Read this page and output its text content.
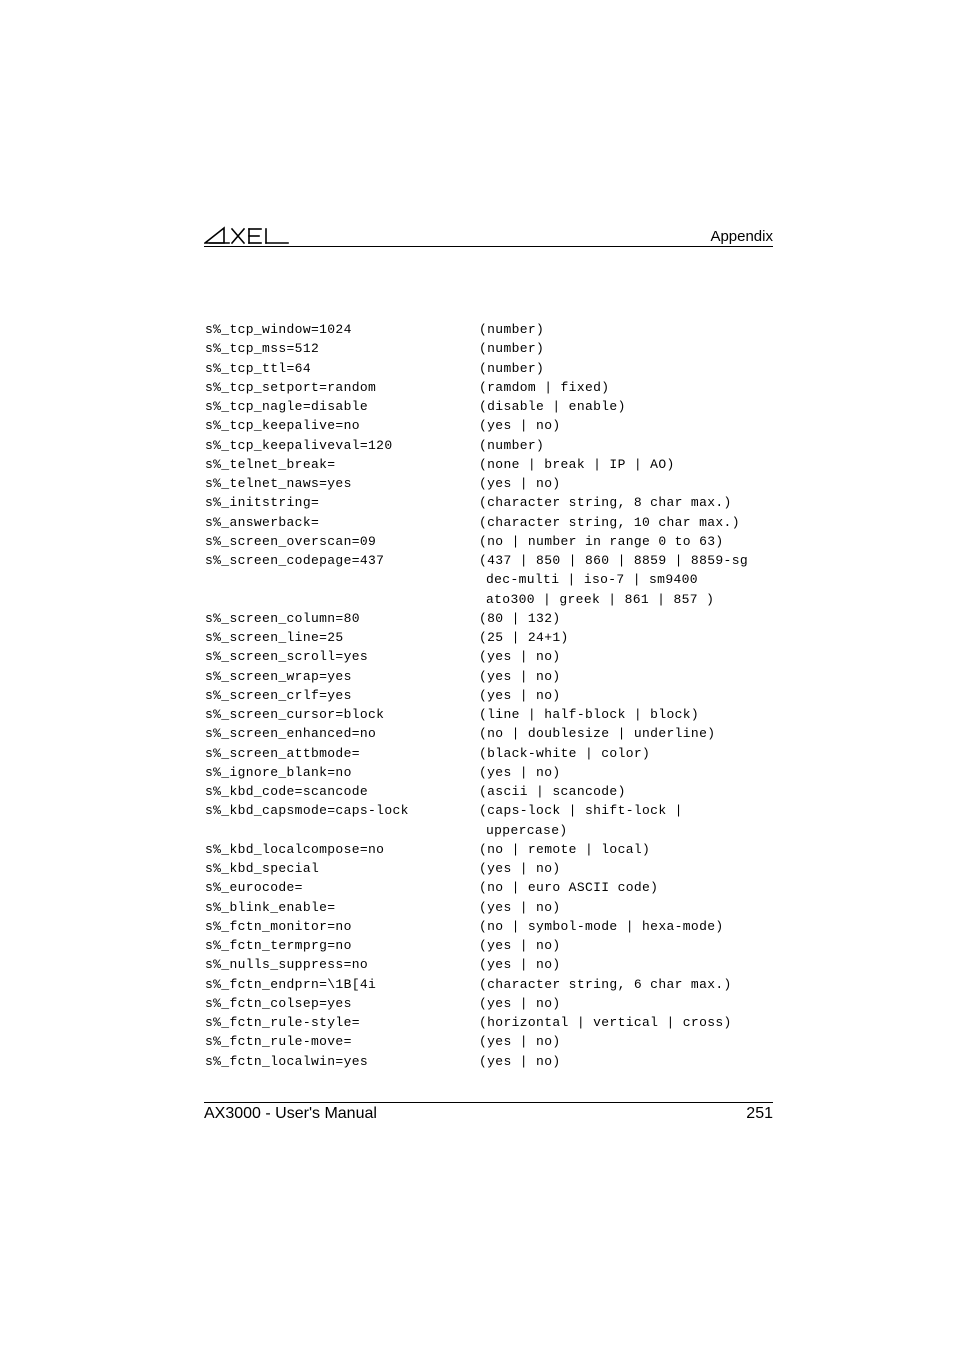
Appendix
s%_tcp_window=1024	(number)
s%_tcp_mss=512	(number)
s%_tcp_ttl=64	(number)
s%_tcp_setport=random	(ramdom | fixed)
s%_tcp_nagle=disable	(disable | enable)
s%_tcp_keepalive=no	(yes | no)
s%_tcp_keepaliveval=120	(number)
s%_telnet_break=	(none | break | IP | AO)
s%_telnet_naws=yes	(yes | no)
s%_initstring=	(character string, 8 char max.)
s%_answerback=	(character string, 10 char max.)
s%_screen_overscan=09	(no | number in range 0 to 63)
s%_screen_codepage=437	(437 | 850 | 860 | 8859 | 8859-sg
dec-multi | iso-7 | sm9400
ato300 | greek | 861 | 857 )
s%_screen_column=80	(80 | 132)
s%_screen_line=25	(25 | 24+1)
s%_screen_scroll=yes	(yes | no)
s%_screen_wrap=yes	(yes | no)
s%_screen_crlf=yes	(yes | no)
s%_screen_cursor=block	(line | half-block | block)
s%_screen_enhanced=no	(no | doublesize | underline)
s%_screen_attbmode=	(black-white | color)
s%_ignore_blank=no	(yes | no)
s%_kbd_code=scancode	(ascii | scancode)
s%_kbd_capsmode=caps-lock	(caps-lock | shift-lock |
uppercase)
s%_kbd_localcompose=no	(no | remote | local)
s%_kbd_special	(yes | no)
s%_eurocode=	(no | euro ASCII code)
s%_blink_enable=	(yes | no)
s%_fctn_monitor=no	(no | symbol-mode | hexa-mode)
s%_fctn_termprg=no	(yes | no)
s%_nulls_suppress=no	(yes | no)
s%_fctn_endprn=\1B[4i	(character string, 6 char max.)
s%_fctn_colsep=yes	(yes | no)
s%_fctn_rule-style=	(horizontal | vertical | cross)
s%_fctn_rule-move=	(yes | no)
s%_fctn_localwin=yes	(yes | no)
AX3000 - User's Manual	251
